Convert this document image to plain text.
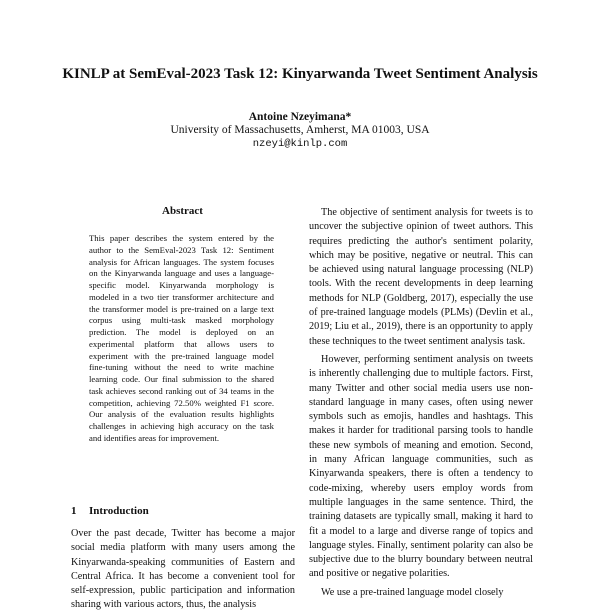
KINLP at SemEval-2023 Task 12: Kinyarwanda Tweet Sentiment Analysis
Antoine Nzeyimana*
University of Massachusetts, Amherst, MA 01003, USA
nzeyi@kinlp.com
Abstract
This paper describes the system entered by the author to the SemEval-2023 Task 12: Sentiment analysis for African languages. The system focuses on the Kinyarwanda language and uses a language-specific model. Kinyarwanda morphology is modeled in a two tier transformer architecture and the transformer model is pre-trained on a large text corpus using multi-task masked morphology prediction. The model is deployed on an experimental platform that allows users to experiment with the pre-trained language model fine-tuning without the need to write machine learning code. Our final submission to the shared task achieves second ranking out of 34 teams in the competition, achieving 72.50% weighted F1 score. Our analysis of the evaluation results highlights challenges in achieving high accuracy on the task and identifies areas for improvement.
1 Introduction

Over the past decade, Twitter has become a major social media platform with many users among the Kinyarwanda-speaking communities of Eastern and Central Africa. It has become a convenient tool for self-expression, public participation and information sharing with various actors, thus, the analysis

The objective of sentiment analysis for tweets is to uncover the subjective opinion of tweet authors. This requires predicting the author's sentiment polarity, which may be positive, negative or neutral. This can be achieved using natural language processing (NLP) tools. With the recent developments in deep learning methods for NLP (Goldberg, 2017), especially the use of pre-trained language models (PLMs) (Devlin et al., 2019; Liu et al., 2019), there is an opportunity to apply these techniques to the tweet sentiment analysis task.

However, performing sentiment analysis on tweets is inherently challenging due to multiple factors. First, many Twitter and other social media users use non-standard language in many cases, often using newer symbols such as emojis, handles and hashtags. This makes it harder for traditional parsing tools to handle these new symbols of meaning and emotion. Second, in many African language communities, such as Kinyarwanda speakers, there is often a tendency to code-mixing, whereby users employ words from multiple languages in the same sentence. Third, the training datasets are typically small, making it hard to fit a model to a large and diverse range of topics and language styles. Finally, sentiment polarity can also be subjective due to the blurry boundary between neutral and positive or negative polarities.

We use a pre-trained language model closely
